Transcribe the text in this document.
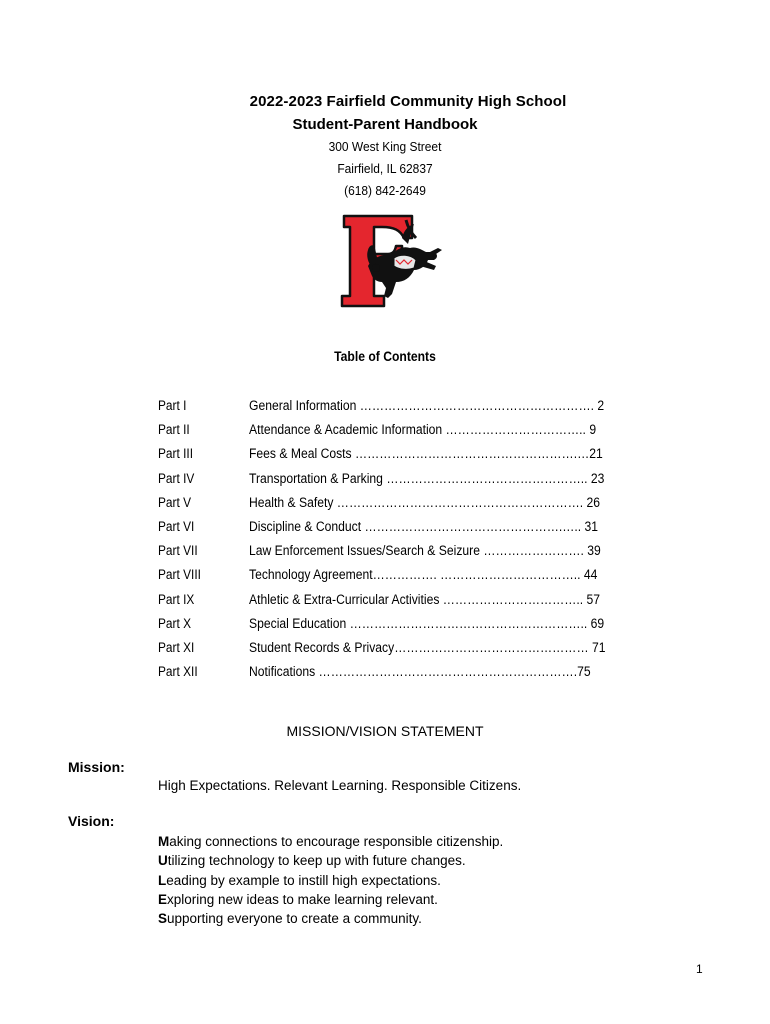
2022-2023 Fairfield Community High School
Student-Parent Handbook
300 West King Street
Fairfield, IL 62837
(618) 842-2649
Table of Contents
Part I	General Information …………………………………………………. 2
Part II	Attendance & Academic Information …………………………….. 9
Part III	Fees & Meal Costs ……………………………………………….…21
Part IV	Transportation & Parking ………………………………………….. 23
Part V	Health & Safety ……………………………………………………. 26
Part VI	Discipline & Conduct ………………………………………….….. 31
Part VII	Law Enforcement Issues/Search & Seizure ……………………. 39
Part VIII	Technology Agreement……………. …………………………….. 44
Part IX	Athletic & Extra-Curricular Activities …………………………….. 57
Part X	Special Education ………………………………………………….. 69
Part XI	Student Records & Privacy………………………………………… 71
Part XII	Notifications ……………………………………………………….75
MISSION/VISION STATEMENT
Mission:
High Expectations. Relevant Learning. Responsible Citizens.
Vision:
Making connections to encourage responsible citizenship.
Utilizing technology to keep up with future changes.
Leading by example to instill high expectations.
Exploring new ideas to make learning relevant.
Supporting everyone to create a community.
1
